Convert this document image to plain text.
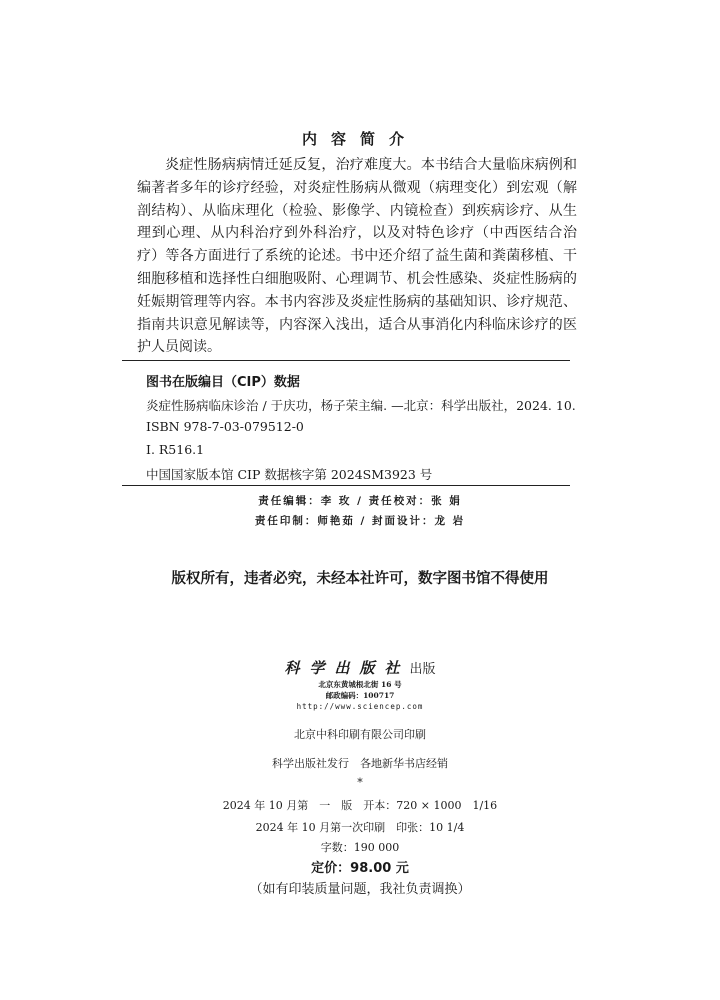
内容简介

炎症性肠病病情迁延反复，治疗难度大。本书结合大量临床病例和编著者多年的诊疗经验，对炎症性肠病从微观（病理变化）到宏观（解剖结构）、从临床理化（检验、影像学、内镜检查）到疾病诊疗、从生理到心理、从内科治疗到外科治疗，以及对特色诊疗（中西医结合治疗）等各方面进行了系统的论述。书中还介绍了益生菌和粪菌移植、干细胞移植和选择性白细胞吸附、心理调节、机会性感染、炎症性肠病的妊娠期管理等内容。本书内容涉及炎症性肠病的基础知识、诊疗规范、指南共识意见解读等，内容深入浅出，适合从事消化内科临床诊疗的医护人员阅读。

图书在版编目（CIP）数据
炎症性肠病临床诊治 / 于庆功，杨子荣主编. —北京：科学出版社，2024. 10.
ISBN 978-7-03-079512-0
Ⅰ. R516.1
中国国家版本馆 CIP 数据核字第 2024SM3923 号
责任编辑：李 玫 / 责任校对：张 娟
责任印制：师艳茹 / 封面设计：龙 岩
版权所有，违者必究，未经本社许可，数字图书馆不得使用
科学出版社出版
北京东黄城根北街 16 号
邮政编码：100717
http://www.sciencep.com
北京中科印刷有限公司印刷
科学出版社发行　各地新华书店经销
*
2024 年 10 月第　一　版　开本：720 × 1000　1/16
2024 年 10 月第一次印刷　印张：10 1/4
字数：190 000
定价：98.00 元
（如有印装质量问题，我社负责调换）
